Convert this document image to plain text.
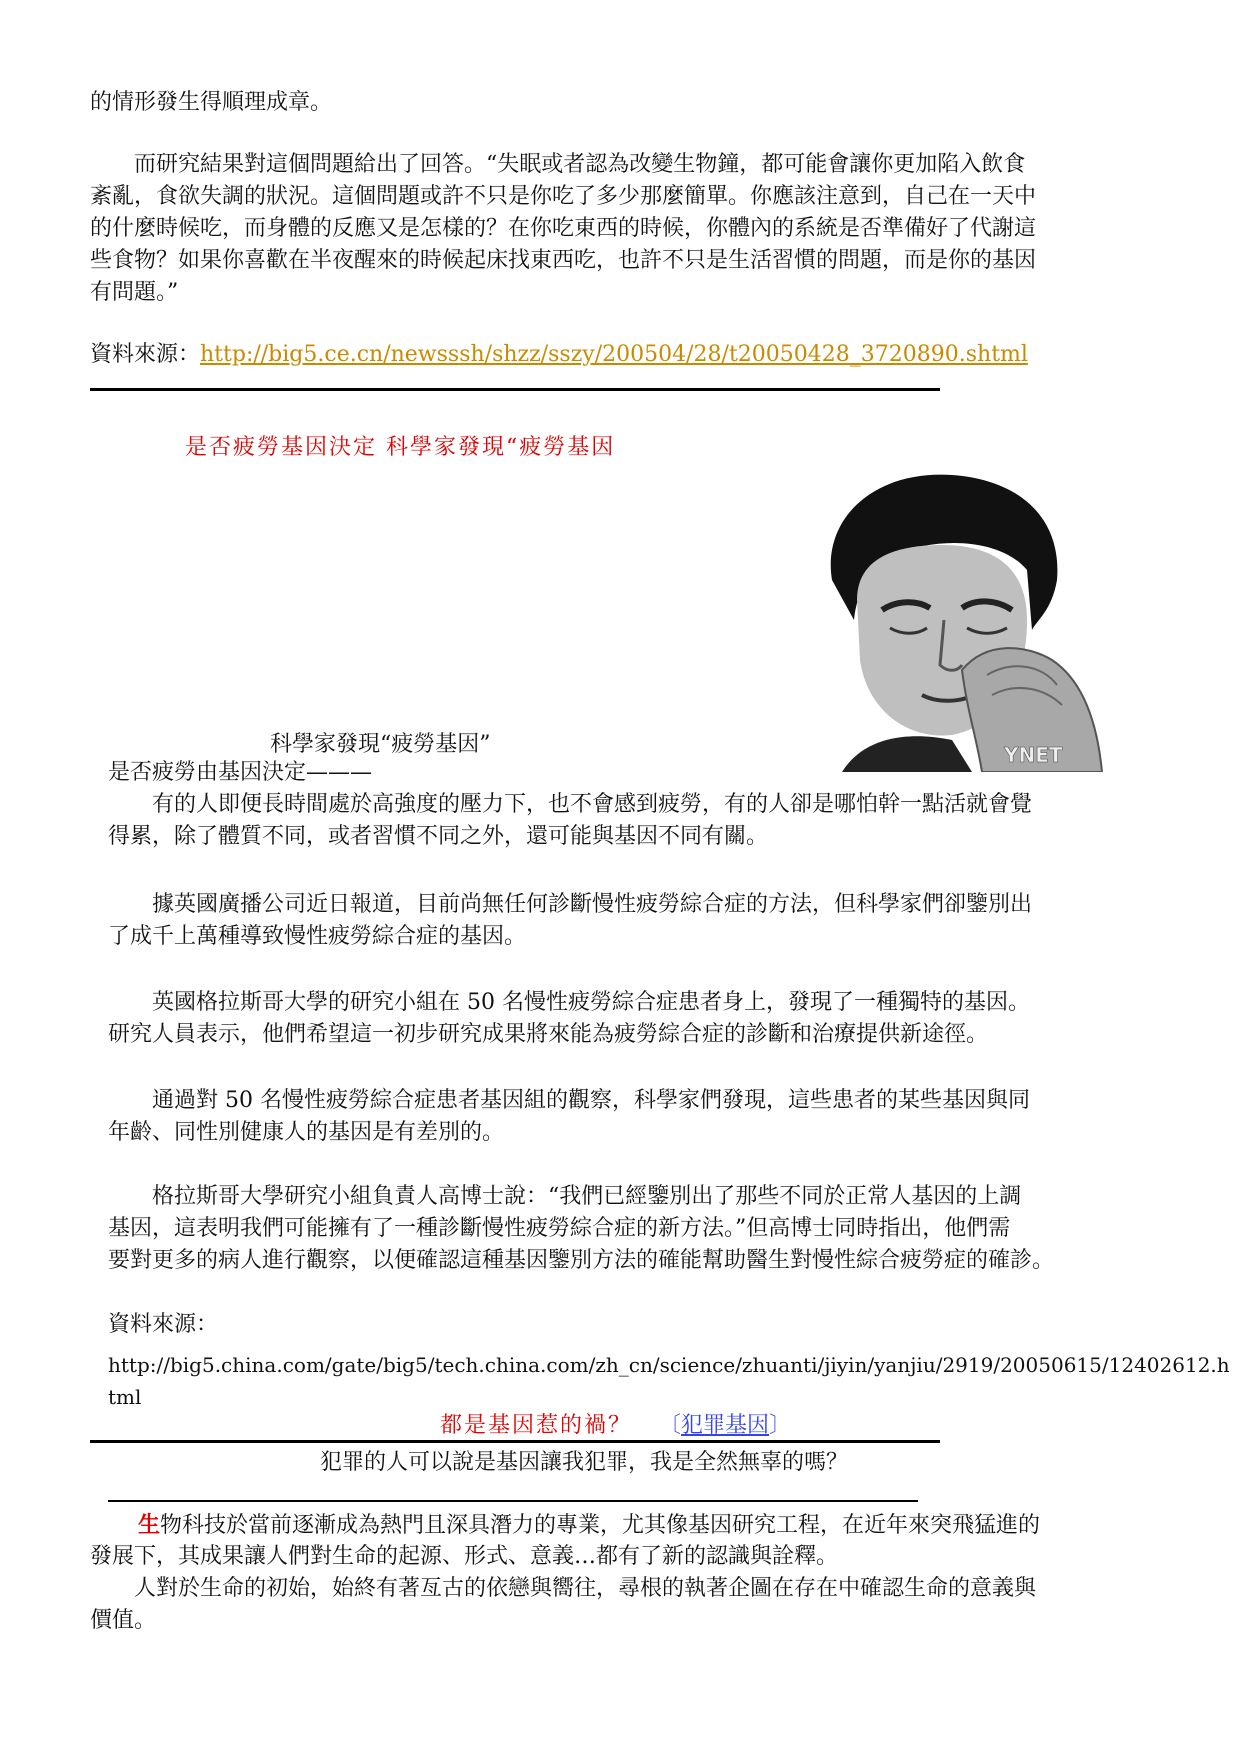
的情形發生得順理成章。
　　而研究結果對這個問題給出了回答。“失眠或者認為改變生物鐘，都可能會讓你更加陷入飲食
紊亂，食欲失調的狀況。這個問題或許不只是你吃了多少那麼簡單。你應該注意到，自己在一天中
的什麼時候吃，而身體的反應又是怎樣的？在你吃東西的時候，你體內的系統是否準備好了代謝這
些食物？如果你喜歡在半夜醒來的時候起床找東西吃，也許不只是生活習慣的問題，而是你的基因
有問題。”
資料來源：http://big5.ce.cn/newsssh/shzz/sszy/200504/28/t20050428_3720890.shtml
是否疲勞基因決定 科學家發現“疲勞基因
YNET
科學家發現“疲勞基因”
是否疲勞由基因決定———
　　有的人即便長時間處於高強度的壓力下，也不會感到疲勞，有的人卻是哪怕幹一點活就會覺
得累，除了體質不同，或者習慣不同之外，還可能與基因不同有關。
　　據英國廣播公司近日報道，目前尚無任何診斷慢性疲勞綜合症的方法，但科學家們卻鑒別出
了成千上萬種導致慢性疲勞綜合症的基因。
　　英國格拉斯哥大學的研究小組在 50 名慢性疲勞綜合症患者身上，發現了一種獨特的基因。
研究人員表示，他們希望這一初步研究成果將來能為疲勞綜合症的診斷和治療提供新途徑。
　　通過對 50 名慢性疲勞綜合症患者基因組的觀察，科學家們發現，這些患者的某些基因與同
年齡、同性別健康人的基因是有差別的。
　　格拉斯哥大學研究小組負責人高博士說：“我們已經鑒別出了那些不同於正常人基因的上調
基因，這表明我們可能擁有了一種診斷慢性疲勞綜合症的新方法。”但高博士同時指出，他們需
要對更多的病人進行觀察，以便確認這種基因鑒別方法的確能幫助醫生對慢性綜合疲勞症的確診。
資料來源：
http://big5.china.com/gate/big5/tech.china.com/zh_cn/science/zhuanti/jiyin/yanjiu/2919/20050615/12402612.h
tml
都是基因惹的禍？ 〔犯罪基因〕
犯罪的人可以說是基因讓我犯罪，我是全然無辜的嗎？
生物科技於當前逐漸成為熱門且深具潛力的專業，尤其像基因研究工程，在近年來突飛猛進的
發展下，其成果讓人們對生命的起源、形式、意義…都有了新的認識與詮釋。
　　人對於生命的初始，始終有著亙古的依戀與嚮往，尋根的執著企圖在存在中確認生命的意義與
價值。
